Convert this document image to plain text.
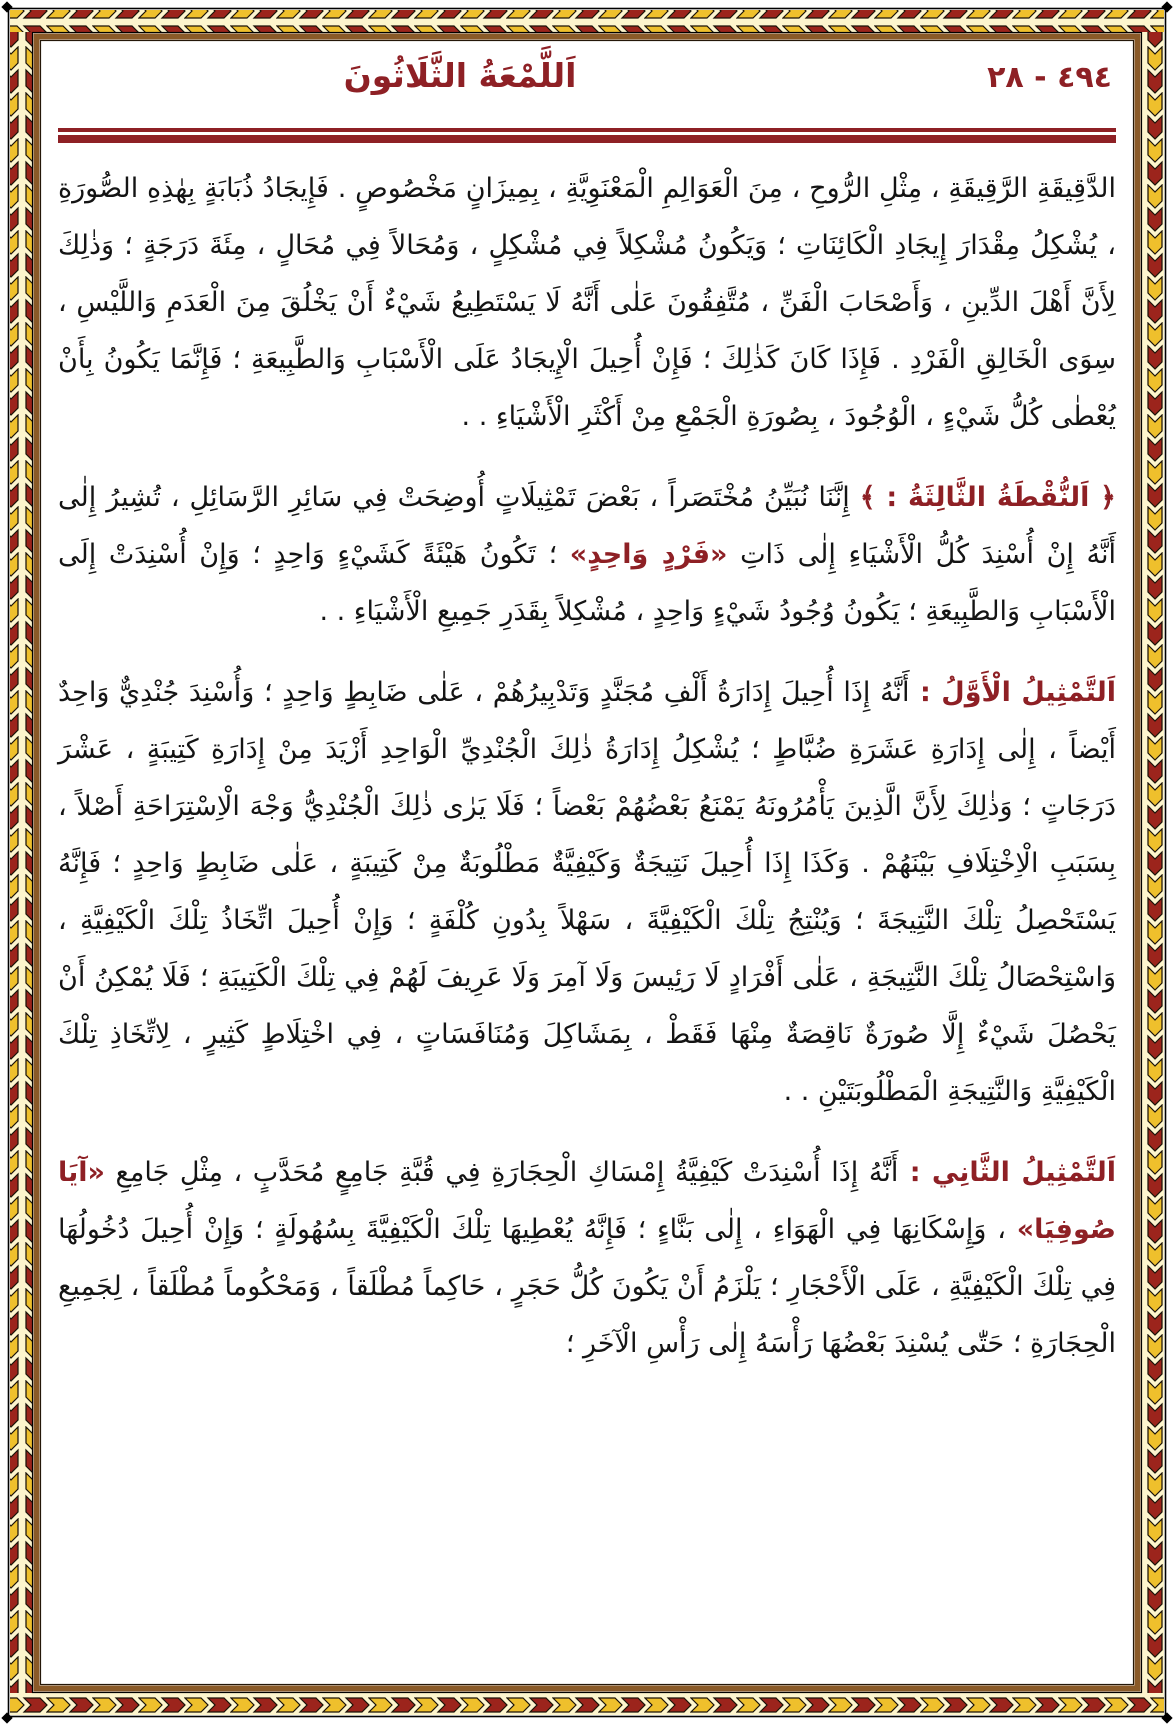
٤٩٤ - ٢٨
اَللَّمْعَةُ الثَّلَاثُونَ

الدَّقِيقَةِ الرَّقِيقَةِ ، مِثْلِ الرُّوحِ ، مِنَ الْعَوَالِمِ الْمَعْنَوِيَّةِ ، بِمِيزَانٍ مَخْصُوصٍ . فَإِيجَادُ ذُبَابَةٍ بِهٰذِهِ الصُّورَةِ ، يُشْكِلُ مِقْدَارَ إِيجَادِ الْكَائِنَاتِ ؛ وَيَكُونُ مُشْكِلاً فِي مُشْكِلٍ ، وَمُحَالاً فِي مُحَالٍ ، مِئَةَ دَرَجَةٍ ؛ وَذٰلِكَ لِأَنَّ أَهْلَ الدِّينِ ، وَأَصْحَابَ الْفَنِّ ، مُتَّفِقُونَ عَلٰى أَنَّهُ لَا يَسْتَطِيعُ شَيْءٌ أَنْ يَخْلُقَ مِنَ الْعَدَمِ وَاللَّيْسِ ، سِوَى الْخَالِقِ الْفَرْدِ . فَإِذَا كَانَ كَذٰلِكَ ؛ فَإِنْ أُحِيلَ الْإِيجَادُ عَلَى الْأَسْبَابِ وَالطَّبِيعَةِ ؛ فَإِنَّمَا يَكُونُ بِأَنْ يُعْطٰى كُلُّ شَيْءٍ ، الْوُجُودَ ، بِصُورَةِ الْجَمْعِ مِنْ أَكْثَرِ الْأَشْيَاءِ . .

﴿ اَلنُّقْطَةُ الثَّالِثَةُ : ﴾ إِنَّنَا نُبَيِّنُ مُخْتَصَراً ، بَعْضَ تَمْثِيلَاتٍ أُوضِحَتْ فِي سَائِرِ الرَّسَائِلِ ، تُشِيرُ إِلٰى أَنَّهُ إِنْ أُسْنِدَ كُلُّ الْأَشْيَاءِ إِلٰى ذَاتِ «فَرْدٍ وَاحِدٍ» ؛ تَكُونُ هَيْئَةً كَشَيْءٍ وَاحِدٍ ؛ وَإِنْ أُسْنِدَتْ إِلَى الْأَسْبَابِ وَالطَّبِيعَةِ ؛ يَكُونُ وُجُودُ شَيْءٍ وَاحِدٍ ، مُشْكِلاً بِقَدَرِ جَمِيعِ الْأَشْيَاءِ . .

اَلتَّمْثِيلُ الْأَوَّلُ : أَنَّهُ إِذَا أُحِيلَ إِدَارَةُ أَلْفِ مُجَنَّدٍ وَتَدْبِيرُهُمْ ، عَلٰى ضَابِطٍ وَاحِدٍ ؛ وَأُسْنِدَ جُنْدِيٌّ وَاحِدٌ أَيْضاً ، إِلٰى إِدَارَةِ عَشَرَةِ ضُبَّاطٍ ؛ يُشْكِلُ إِدَارَةُ ذٰلِكَ الْجُنْدِيِّ الْوَاحِدِ أَزْيَدَ مِنْ إِدَارَةِ كَتِيبَةٍ ، عَشْرَ دَرَجَاتٍ ؛ وَذٰلِكَ لِأَنَّ الَّذِينَ يَأْمُرُونَهُ يَمْنَعُ بَعْضُهُمْ بَعْضاً ؛ فَلَا يَرٰى ذٰلِكَ الْجُنْدِيُّ وَجْهَ الْاِسْتِرَاحَةِ أَصْلاً ، بِسَبَبِ الْاِخْتِلَافِ بَيْنَهُمْ . وَكَذَا إِذَا أُحِيلَ نَتِيجَةٌ وَكَيْفِيَّةٌ مَطْلُوبَةٌ مِنْ كَتِيبَةٍ ، عَلٰى ضَابِطٍ وَاحِدٍ ؛ فَإِنَّهُ يَسْتَحْصِلُ تِلْكَ النَّتِيجَةَ ؛ وَيُنْتِجُ تِلْكَ الْكَيْفِيَّةَ ، سَهْلاً بِدُونِ كُلْفَةٍ ؛ وَإِنْ أُحِيلَ اتِّخَاذُ تِلْكَ الْكَيْفِيَّةِ ، وَاسْتِحْصَالُ تِلْكَ النَّتِيجَةِ ، عَلٰى أَفْرَادٍ لَا رَئِيسَ وَلَا آمِرَ وَلَا عَرِيفَ لَهُمْ فِي تِلْكَ الْكَتِيبَةِ ؛ فَلَا يُمْكِنُ أَنْ يَحْصُلَ شَيْءٌ إِلَّا صُورَةٌ نَاقِصَةٌ مِنْهَا فَقَطْ ، بِمَشَاكِلَ وَمُنَافَسَاتٍ ، فِي اخْتِلَاطٍ كَثِيرٍ ، لِاتِّخَاذِ تِلْكَ الْكَيْفِيَّةِ وَالنَّتِيجَةِ الْمَطْلُوبَتَيْنِ . .

اَلتَّمْثِيلُ الثَّانِي : أَنَّهُ إِذَا أُسْنِدَتْ كَيْفِيَّةُ إِمْسَاكِ الْحِجَارَةِ فِي قُبَّةِ جَامِعٍ مُحَدَّبٍ ، مِثْلِ جَامِعِ «آيَا صُوفِيَا» ، وَإِسْكَانِهَا فِي الْهَوَاءِ ، إِلٰى بَنَّاءٍ ؛ فَإِنَّهُ يُعْطِيهَا تِلْكَ الْكَيْفِيَّةَ بِسُهُولَةٍ ؛ وَإِنْ أُحِيلَ دُخُولُهَا فِي تِلْكَ الْكَيْفِيَّةِ ، عَلَى الْأَحْجَارِ ؛ يَلْزَمُ أَنْ يَكُونَ كُلُّ حَجَرٍ ، حَاكِماً مُطْلَقاً ، وَمَحْكُوماً مُطْلَقاً ، لِجَمِيعِ الْحِجَارَةِ ؛ حَتّٰى يُسْنِدَ بَعْضُهَا رَأْسَهُ إِلٰى رَأْسِ الْآخَرِ ؛
